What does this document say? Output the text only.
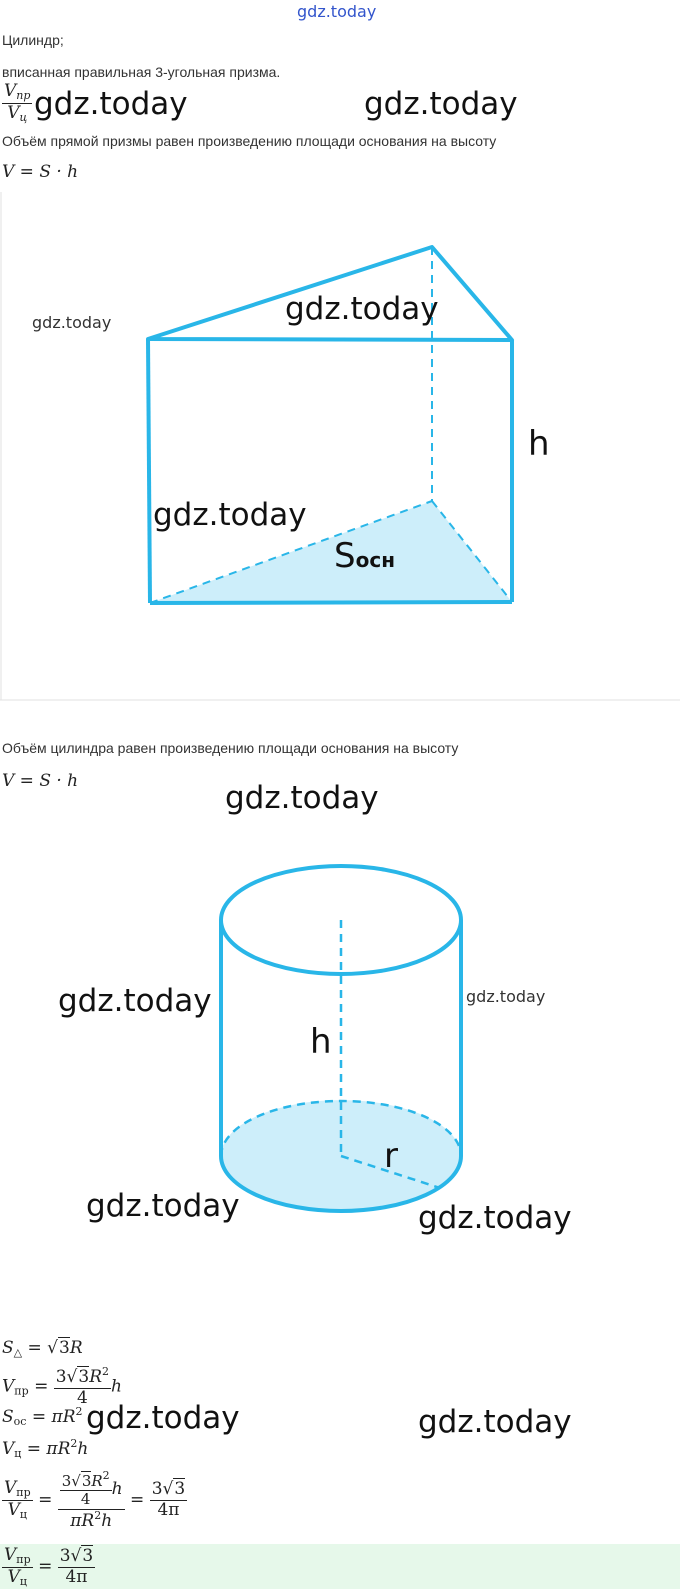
gdz.today
Цилиндр;
вписанная правильная 3-угольная призма.
$\frac{V_{пр}}{V_ц}$ gdz.today	gdz.today
Объём прямой призмы равен произведению площади основания на высоту
V = S · h
h
Sосн
gdz.today	gdz.today
gdz.today
Объём цилиндра равен произведению площади основания на высоту
V = S · h	gdz.today
h
r
gdz.today	gdz.today
gdz.today	gdz.today
$S_\triangle = √3R$
$V_{пр} = \frac{3√3R^2}{4}$ h
$S_{ос} = \pi R^2$ gdz.today	gdz.today
$V_ц = \pi R^2h$
$\frac{V_{пр}}{V_ц} = \frac{\frac{3√3R^2}{4} h}{\pi R^2h} = \frac{3√3}{4\pi}$
$\frac{V_{пр}}{V_ц} = \frac{3√3}{4\pi}$
